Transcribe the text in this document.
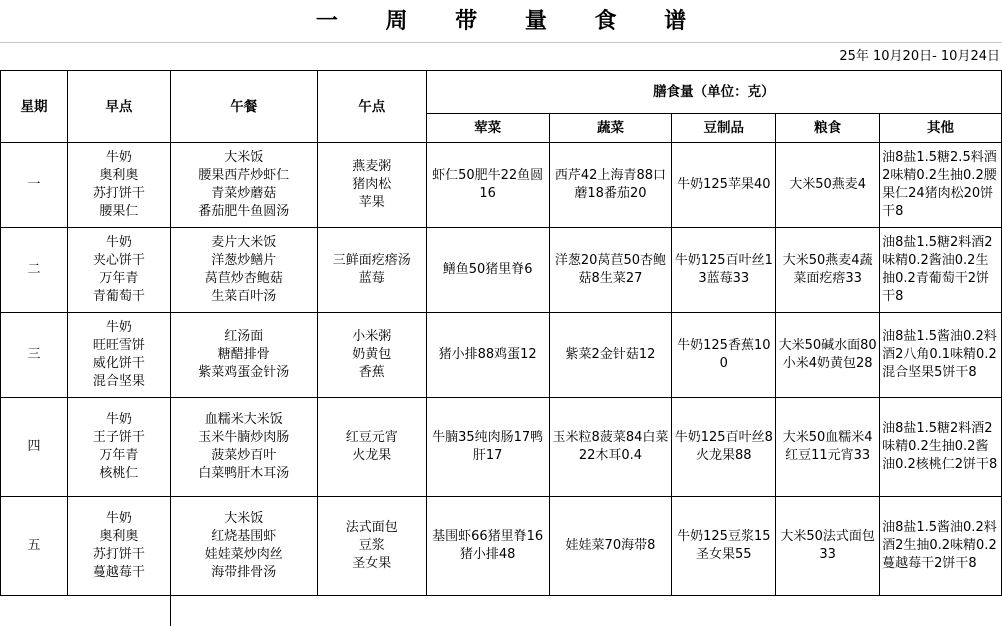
一 周 带 量 食 谱
25年 10月20日- 10月24日
星期	早点	午餐	午点	膳食量（单位：克）				
				荤菜	蔬菜	豆制品	粮食	其他
一	牛奶
奥利奥
苏打饼干
腰果仁	大米饭
腰果西芹炒虾仁
青菜炒蘑菇
番茄肥牛鱼圆汤	燕麦粥
猪肉松
苹果	虾仁50肥牛22鱼圆16	西芹42上海青88口蘑18番茄20	牛奶125苹果40	大米50燕麦4	油8盐1.5糖2.5料酒2味精0.2生抽0.2腰果仁24猪肉松20饼干8
二	牛奶
夹心饼干
万年青
青葡萄干	麦片大米饭
洋葱炒鳝片
莴苣炒杏鲍菇
生菜百叶汤	三鲜面疙瘩汤
蓝莓	鳝鱼50猪里脊6	洋葱20莴苣50杏鲍菇8生菜27	牛奶125百叶丝13蓝莓33	大米50燕麦4蔬菜面疙瘩33	油8盐1.5糖2料酒2味精0.2酱油0.2生抽0.2青葡萄干2饼干8
三	牛奶
旺旺雪饼
威化饼干
混合坚果	红汤面
糖醋排骨
紫菜鸡蛋金针汤	小米粥
奶黄包
香蕉	猪小排88鸡蛋12	紫菜2金针菇12	牛奶125香蕉100	大米50碱水面80小米4奶黄包28	油8盐1.5酱油0.2料酒2八角0.1味精0.2混合坚果5饼干8
四	牛奶
王子饼干
万年青
核桃仁	血糯米大米饭
玉米牛腩炒肉肠
菠菜炒百叶
白菜鸭肝木耳汤	红豆元宵
火龙果	牛腩35纯肉肠17鸭肝17	玉米粒8菠菜84白菜22木耳0.4	牛奶125百叶丝8火龙果88	大米50血糯米4红豆11元宵33	油8盐1.5糖2料酒2味精0.2生抽0.2酱油0.2核桃仁2饼干8
五	牛奶
奥利奥
苏打饼干
蔓越莓干	大米饭
红烧基围虾
娃娃菜炒肉丝
海带排骨汤	法式面包
豆浆
圣女果	基围虾66猪里脊16猪小排48	娃娃菜70海带8	牛奶125豆浆15圣女果55	大米50法式面包33	油8盐1.5酱油0.2料酒2生抽0.2味精0.2蔓越莓干2饼干8
